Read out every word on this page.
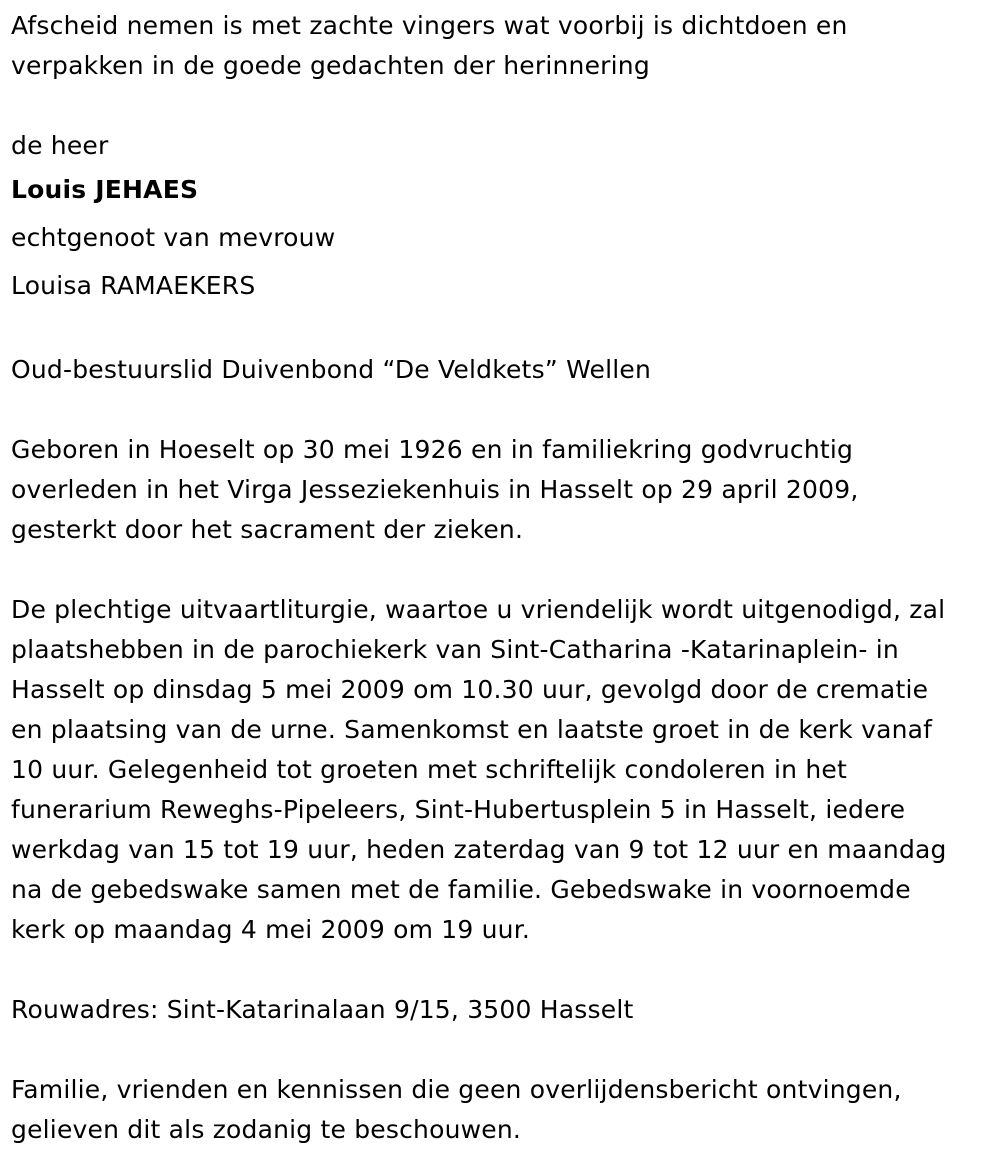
Afscheid nemen is met zachte vingers wat voorbij is dichtdoen en
verpakken in de goede gedachten der herinnering
de heer
Louis JEHAES
echtgenoot van mevrouw
Louisa RAMAEKERS
Oud-bestuurslid Duivenbond “De Veldkets” Wellen
Geboren in Hoeselt op 30 mei 1926 en in familiekring godvruchtig
overleden in het Virga Jesseziekenhuis in Hasselt op 29 april 2009,
gesterkt door het sacrament der zieken.
De plechtige uitvaartliturgie, waartoe u vriendelijk wordt uitgenodigd, zal
plaatshebben in de parochiekerk van Sint-Catharina -Katarinaplein- in
Hasselt op dinsdag 5 mei 2009 om 10.30 uur, gevolgd door de crematie
en plaatsing van de urne. Samenkomst en laatste groet in de kerk vanaf
10 uur. Gelegenheid tot groeten met schriftelijk condoleren in het
funerarium Reweghs-Pipeleers, Sint-Hubertusplein 5 in Hasselt, iedere
werkdag van 15 tot 19 uur, heden zaterdag van 9 tot 12 uur en maandag
na de gebedswake samen met de familie. Gebedswake in voornoemde
kerk op maandag 4 mei 2009 om 19 uur.
Rouwadres: Sint-Katarinalaan 9/15, 3500 Hasselt
Familie, vrienden en kennissen die geen overlijdensbericht ontvingen,
gelieven dit als zodanig te beschouwen.
